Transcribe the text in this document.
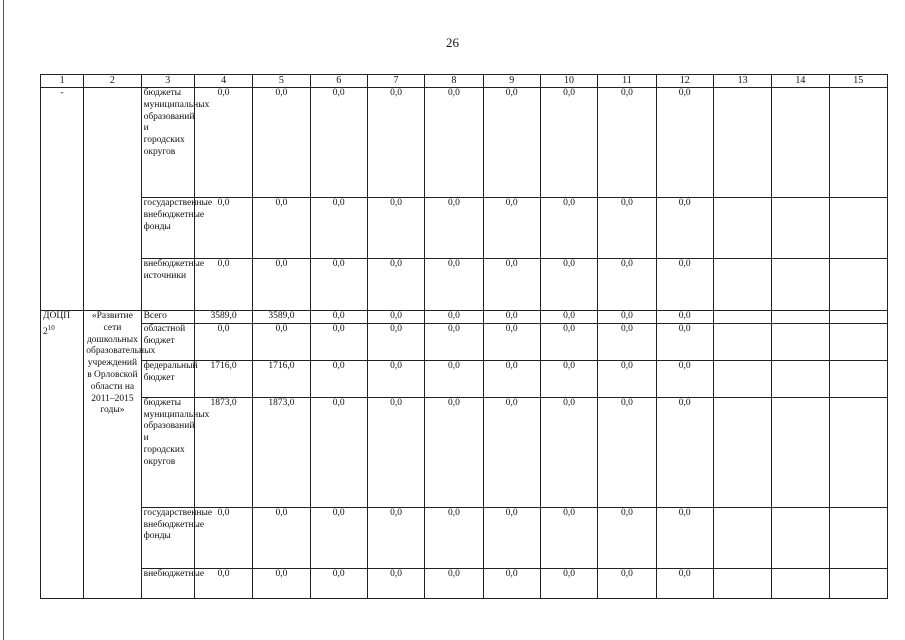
26
1	2	3	4	5	6	7	8	9	10	11	12	13	14	15
-		бюджеты муниципальных образований и городских округов	0,0	0,0	0,0	0,0	0,0	0,0	0,0	0,0	0,0			
		государственные внебюджетные фонды	0,0	0,0	0,0	0,0	0,0	0,0	0,0	0,0	0,0			
		внебюджетные источники	0,0	0,0	0,0	0,0	0,0	0,0	0,0	0,0	0,0			
ДОЦП $2^{10}$	«Развитие сети дошкольных образовательных учреждений в Орловской области на 2011–2015 годы»	Всего	3589,0	3589,0	0,0	0,0	0,0	0,0	0,0	0,0	0,0			
		областной бюджет	0,0	0,0	0,0	0,0	0,0	0,0	0,0	0,0	0,0			
		федеральный бюджет	1716,0	1716,0	0,0	0,0	0,0	0,0	0,0	0,0	0,0			
		бюджеты муниципальных образований и городских округов	1873,0	1873,0	0,0	0,0	0,0	0,0	0,0	0,0	0,0			
		государственные внебюджетные фонды	0,0	0,0	0,0	0,0	0,0	0,0	0,0	0,0	0,0			
		внебюджетные	0,0	0,0	0,0	0,0	0,0	0,0	0,0	0,0	0,0			
